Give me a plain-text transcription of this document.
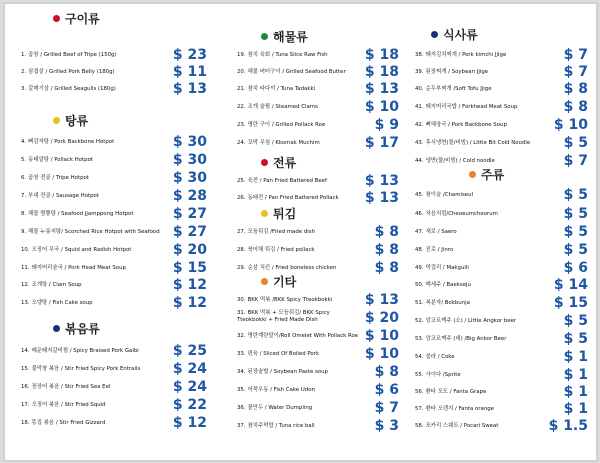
구이류
1. 곱창 / Grilled Beef of Tripe (150g)	$ 23
2. 삼겹살 / Grilled Pork Belly (180g)	$ 11
3. 갈매기살 / Grilled Seagulls (180g)	$ 13
탕류
4. 뼈감자탕 / Pork Backbone Hotpot	$ 30
5. 동태알탕 / Pollack Hotpot	$ 30
6. 곱창 전골 / Tripe Hotpot	$ 30
7. 부대 전골 / Sausage Hotpot	$ 28
8. 해물 짬뽕탕 / Seafood Jjamppong Hotpot	$ 27
9. 해물 누룽지탕/ Scorched Rice Hotpot with Seafood $ 27
10. 오징어 무국 / Squid and Radish Hotpot	$ 20
11. 돼지머리술국 / Pork Head Meat Soup	$ 15
12. 조개탕 / Clam Soup	$ 12
13. 오뎅탕 / Fish Cake soup	$ 12
볶음류
14. 매운돼지갈비찜 / Spicy Braised Pork Galbi $ 25
15. 불막창 볶음 / Stir Fried Spicy Pork Entrails $ 24
16. 꼼장어 볶음 / Stir Fried Sea Eel	$ 24
17. 오징어 볶음 / Stir Fried Squid	$ 22
18. 똥집 볶음 / Stir Fried Gizzard	$ 12
해물류
19. 참치 육회 / Tuna Slice Raw Fish	$ 18
20. 해물 버터구이 / Grilled Seafood Butter $ 18
21. 참치 타다끼 / Tuna Tadakki	$ 13
22. 조개 술찜 / Steamed Clams	$ 10
23. 명란 구이 / Grilled Pollack Roe	$ 9
24. 꼬막 무침 / Kkomak Muchim	$ 17
전류
25. 육전 / Pan Fried Battered Beef	$ 13
26. 동태전 / Pan Fried Battered Pollack $ 13
튀김
27. 모듬튀김 /Fried made dish	$ 8
28. 북어채 튀김 / Fried pollack	$ 8
29. 순살 치킨 / Fried boneless chicken	$ 8
기타
30. BKK 떡볶 /BKK Spicy Tteokbokki $ 13
31. BKK 떡볶 + 모듬튀김/ BKK Spicy Tteokbokki + Fried Made Dish	$ 20
32. 명란계란말이/Roll Omelet With Pollack Roe $ 10
33. 편육 / Sliced Of Boiled Pork	$ 10
34. 된장술밥 / Soybean Paste soup	$ 8
35. 어묵우동 / Fish Cake Udon	$ 6
36. 물만두 / Water Dumpling	$ 7
37. 참치주먹밥 / Tuna rice ball	$ 3
식사류
38. 돼지김치찌개 / Pork kimchi Jjige	$ 7
39. 된장찌개 / Soybean Jjige	$ 7
40. 순두부찌개 /Soft Tofu Jjige	$ 8
41. 돼지머리국밥 / Forkhead Meat Soup	$ 8
42. 뼈해장국 / Pork Backbone Soup	$ 10
43. 후식냉면(물/비빔) / Little Bit Cold Noodle $ 5
44. 냉면(물/비빔) / Cold noodle	$ 7
주류
45. 참이슬 /Chamiseul	$ 5
46. 처음처럼/Cheoeumcheorum	$ 5
47. 새로 / Saero	$ 5
48. 진로 / Jinro	$ 5
49. 막걸리 / Makgulli	$ 6
50. 백세주 / Baekseju	$ 14
51. 복분자/ Bokbunja	$ 15
52. 앙코르맥주 (소) / Little Angkor beer	$ 5
53. 앙코르맥주 (대) /Big Ankor Beer	$ 5
54. 콜라 / Coke	$ 1
55. 사이다 /Sprite	$ 1
56. 환타 포도 / Fanta Grape	$ 1
57. 환타 오렌지 / Fanta orange	$ 1
58. 포카리 스웨트 / Pocari Sweat	$ 1.5
